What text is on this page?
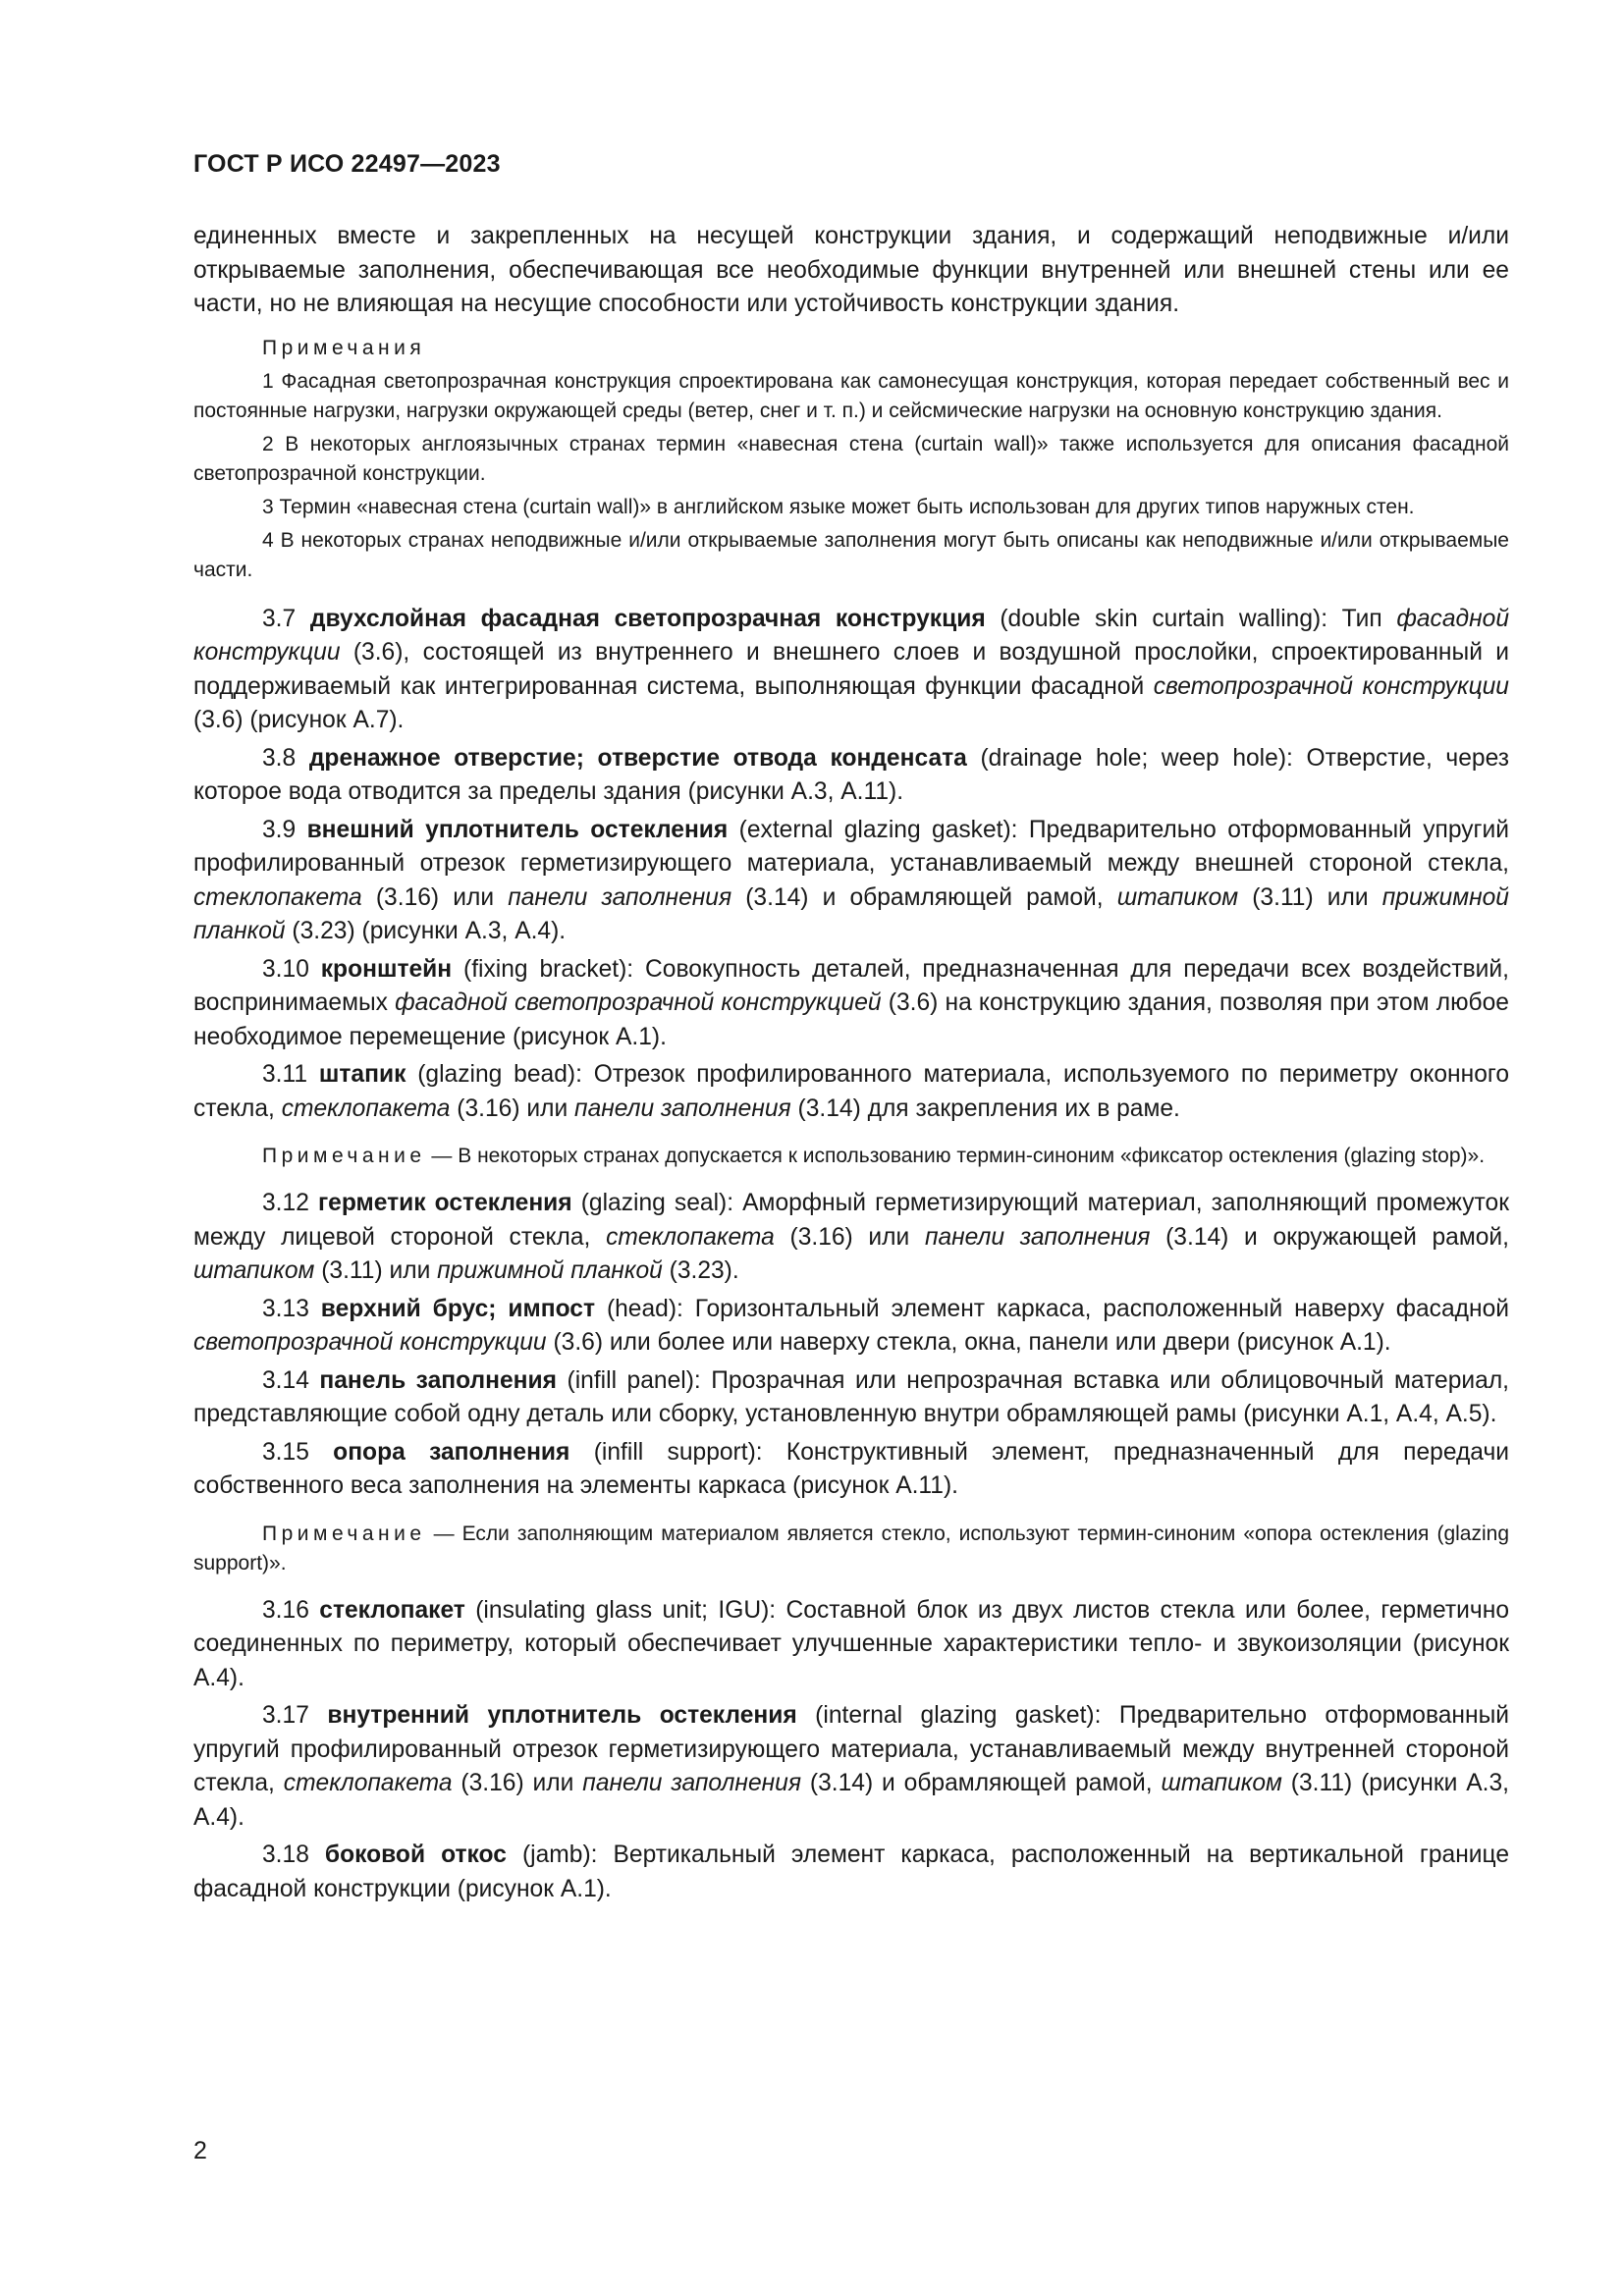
ГОСТ Р ИСО 22497—2023

единенных вместе и закрепленных на несущей конструкции здания, и содержащий неподвижные и/или открываемые заполнения, обеспечивающая все необходимые функции внутренней или внешней стены или ее части, но не влияющая на несущие способности или устойчивость конструкции здания.

Примечания

1 Фасадная светопрозрачная конструкция спроектирована как самонесущая конструкция, которая передает собственный вес и постоянные нагрузки, нагрузки окружающей среды (ветер, снег и т. п.) и сейсмические нагрузки на основную конструкцию здания.

2 В некоторых англоязычных странах термин «навесная стена (curtain wall)» также используется для описания фасадной светопрозрачной конструкции.

3 Термин «навесная стена (curtain wall)» в английском языке может быть использован для других типов наружных стен.

4 В некоторых странах неподвижные и/или открываемые заполнения могут быть описаны как неподвижные и/или открываемые части.

3.7 двухслойная фасадная светопрозрачная конструкция (double skin curtain walling): Тип фасадной конструкции (3.6), состоящей из внутреннего и внешнего слоев и воздушной прослойки, спроектированный и поддерживаемый как интегрированная система, выполняющая функции фасадной светопрозрачной конструкции (3.6) (рисунок А.7).

3.8 дренажное отверстие; отверстие отвода конденсата (drainage hole; weep hole): Отверстие, через которое вода отводится за пределы здания (рисунки А.3, А.11).

3.9 внешний уплотнитель остекления (external glazing gasket): Предварительно отформованный упругий профилированный отрезок герметизирующего материала, устанавливаемый между внешней стороной стекла, стеклопакета (3.16) или панели заполнения (3.14) и обрамляющей рамой, штапиком (3.11) или прижимной планкой (3.23) (рисунки А.3, А.4).

3.10 кронштейн (fixing bracket): Совокупность деталей, предназначенная для передачи всех воздействий, воспринимаемых фасадной светопрозрачной конструкцией (3.6) на конструкцию здания, позволяя при этом любое необходимое перемещение (рисунок А.1).

3.11 штапик (glazing bead): Отрезок профилированного материала, используемого по периметру оконного стекла, стеклопакета (3.16) или панели заполнения (3.14) для закрепления их в раме.

Примечание — В некоторых странах допускается к использованию термин-синоним «фиксатор остекления (glazing stop)».

3.12 герметик остекления (glazing seal): Аморфный герметизирующий материал, заполняющий промежуток между лицевой стороной стекла, стеклопакета (3.16) или панели заполнения (3.14) и окружающей рамой, штапиком (3.11) или прижимной планкой (3.23).

3.13 верхний брус; импост (head): Горизонтальный элемент каркаса, расположенный наверху фасадной светопрозрачной конструкции (3.6) или более или наверху стекла, окна, панели или двери (рисунок А.1).

3.14 панель заполнения (infill panel): Прозрачная или непрозрачная вставка или облицовочный материал, представляющие собой одну деталь или сборку, установленную внутри обрамляющей рамы (рисунки А.1, А.4, А.5).

3.15 опора заполнения (infill support): Конструктивный элемент, предназначенный для передачи собственного веса заполнения на элементы каркаса (рисунок А.11).

Примечание — Если заполняющим материалом является стекло, используют термин-синоним «опора остекления (glazing support)».

3.16 стеклопакет (insulating glass unit; IGU): Составной блок из двух листов стекла или более, герметично соединенных по периметру, который обеспечивает улучшенные характеристики тепло- и звукоизоляции (рисунок А.4).

3.17 внутренний уплотнитель остекления (internal glazing gasket): Предварительно отформованный упругий профилированный отрезок герметизирующего материала, устанавливаемый между внутренней стороной стекла, стеклопакета (3.16) или панели заполнения (3.14) и обрамляющей рамой, штапиком (3.11) (рисунки А.3, А.4).

3.18 боковой откос (jamb): Вертикальный элемент каркаса, расположенный на вертикальной границе фасадной конструкции (рисунок А.1).

2
